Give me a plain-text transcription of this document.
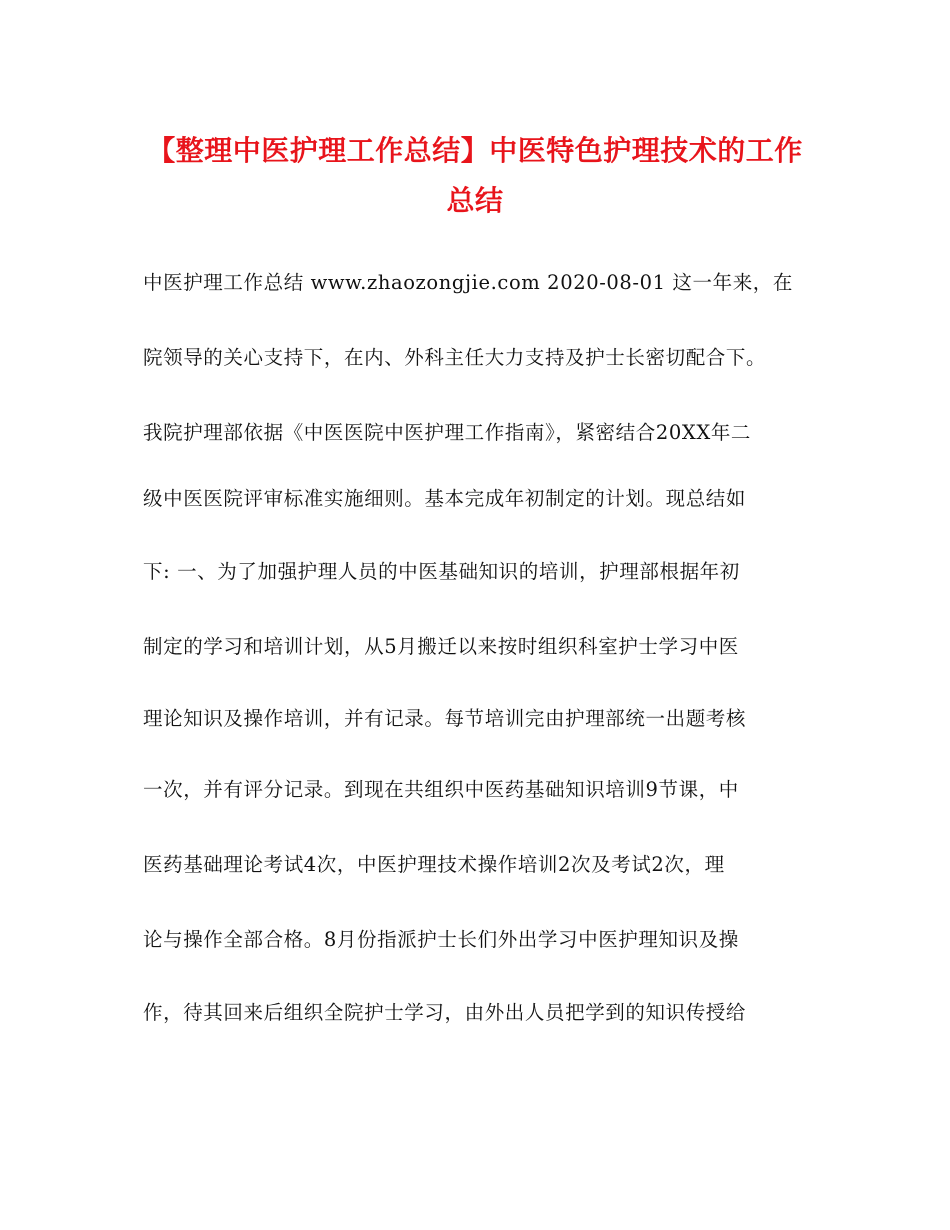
【整理中医护理工作总结】中医特色护理技术的工作
总结
中医护理工作总结 www.zhaozongjie.com 2020-08-01 这一年来，在
院领导的关心支持下，在内、外科主任大力支持及护士长密切配合下。
我院护理部依据《中医医院中医护理工作指南》，紧密结合20XX年二
级中医医院评审标准实施细则。基本完成年初制定的计划。现总结如
下: 一、为了加强护理人员的中医基础知识的培训，护理部根据年初
制定的学习和培训计划，从5月搬迁以来按时组织科室护士学习中医
理论知识及操作培训，并有记录。每节培训完由护理部统一出题考核
一次，并有评分记录。到现在共组织中医药基础知识培训9节课，中
医药基础理论考试4次，中医护理技术操作培训2次及考试2次，理
论与操作全部合格。8月份指派护士长们外出学习中医护理知识及操
作，待其回来后组织全院护士学习，由外出人员把学到的知识传授给
